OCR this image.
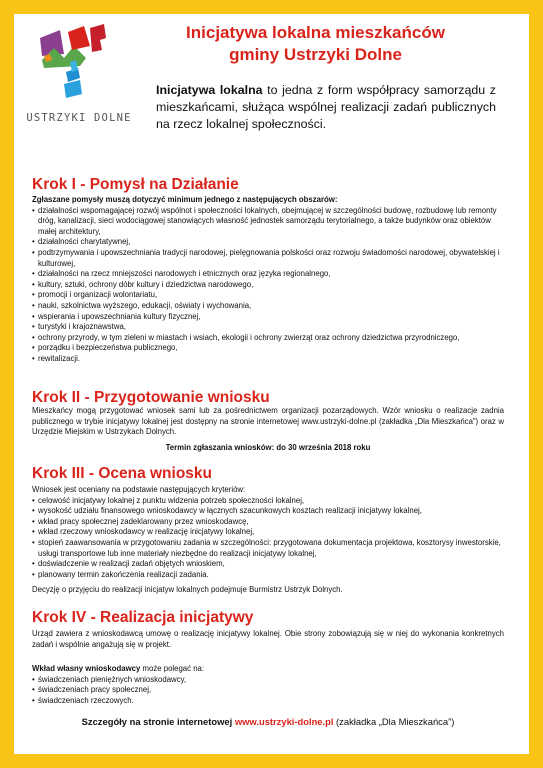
USTRZYKI DOLNE
Inicjatywa lokalna mieszkańców
gminy Ustrzyki Dolne
Inicjatywa lokalna to jedna z form współpracy samorządu z mieszkańcami, służąca wspólnej realizacji zadań publicznych na rzecz lokalnej społeczności.
Krok I - Pomysł na Działanie
Zgłaszane pomysły muszą dotyczyć minimum jednego z następujących obszarów:
• działalności wspomagającej rozwój wspólnot i społeczności lokalnych, obejmującej w szczególności budowę, rozbudowę lub remonty dróg, kanalizacji, sieci wodociągowej stanowiących własność jednostek samorządu terytorialnego, a także budynków oraz obiektów małej architektury,
• działalności charytatywnej,
• podtrzymywania i upowszechniania tradycji narodowej, pielęgnowania polskości oraz rozwoju świadomości narodowej, obywatelskiej i kulturowej,
• działalności na rzecz mniejszości narodowych i etnicznych oraz języka regionalnego,
• kultury, sztuki, ochrony dóbr kultury i dziedzictwa narodowego,
• promocji i organizacji wolontariatu,
• nauki, szkolnictwa wyższego, edukacji, oświaty i wychowania,
• wspierania i upowszechniania kultury fizycznej,
• turystyki i krajoznawstwa,
• ochrony przyrody, w tym zieleni w miastach i wsiach, ekologii i ochrony zwierząt oraz ochrony dziedzictwa przyrodniczego,
• porządku i bezpieczeństwa publicznego,
• rewitalizacji.
Krok II - Przygotowanie wniosku
Mieszkańcy mogą przygotować wniosek sami lub za pośrednictwem organizacji pozarządowych. Wzór wniosku o realizacje zadnia publicznego w trybie inicjatywy lokalnej jest dostępny na stronie internetowej www.ustrzyki-dolne.pl (zakładka „Dla Mieszkańca”) oraz w Urzędzie Miejskim w Ustrzykach Dolnych.
Termin zgłaszania wniosków: do 30 września 2018 roku
Krok III - Ocena wniosku
Wniosek jest oceniany na podstawie następujących kryteriów:
• celowość inicjatywy lokalnej z punktu widzenia potrzeb społeczności lokalnej,
• wysokość udziału finansowego wnioskodawcy w łącznych szacunkowych kosztach realizacji inicjatywy lokalnej,
• wkład pracy społecznej zadeklarowany przez wnioskodawcę,
• wkład rzeczowy wnioskodawcy w realizację inicjatywy lokalnej,
• stopień zaawansowania w przygotowaniu zadania w szczególności: przygotowana dokumentacja projektowa, kosztorysy inwestorskie, usługi transportowe lub inne materiały niezbędne do realizacji inicjatywy lokalnej,
• doświadczenie w realizacji zadań objętych wnioskiem,
• planowany termin zakończenia realizacji zadania.
Decyzję o przyjęciu do realizacji inicjatyw lokalnych podejmuje Burmistrz Ustrzyk Dolnych.
Krok IV - Realizacja inicjatywy
Urząd zawiera z wnioskodawcą umowę o realizację inicjatywy lokalnej. Obie strony zobowiązują się w niej do wykonania konkretnych zadań i wspólnie angażują się w projekt.
Wkład własny wnioskodawcy może polegać na:
• świadczeniach pieniężnych wnioskodawcy,
• świadczeniach pracy społecznej,
• świadczeniach rzeczowych.
Szczegóły na stronie internetowej www.ustrzyki-dolne.pl (zakładka „Dla Mieszkańca”)
